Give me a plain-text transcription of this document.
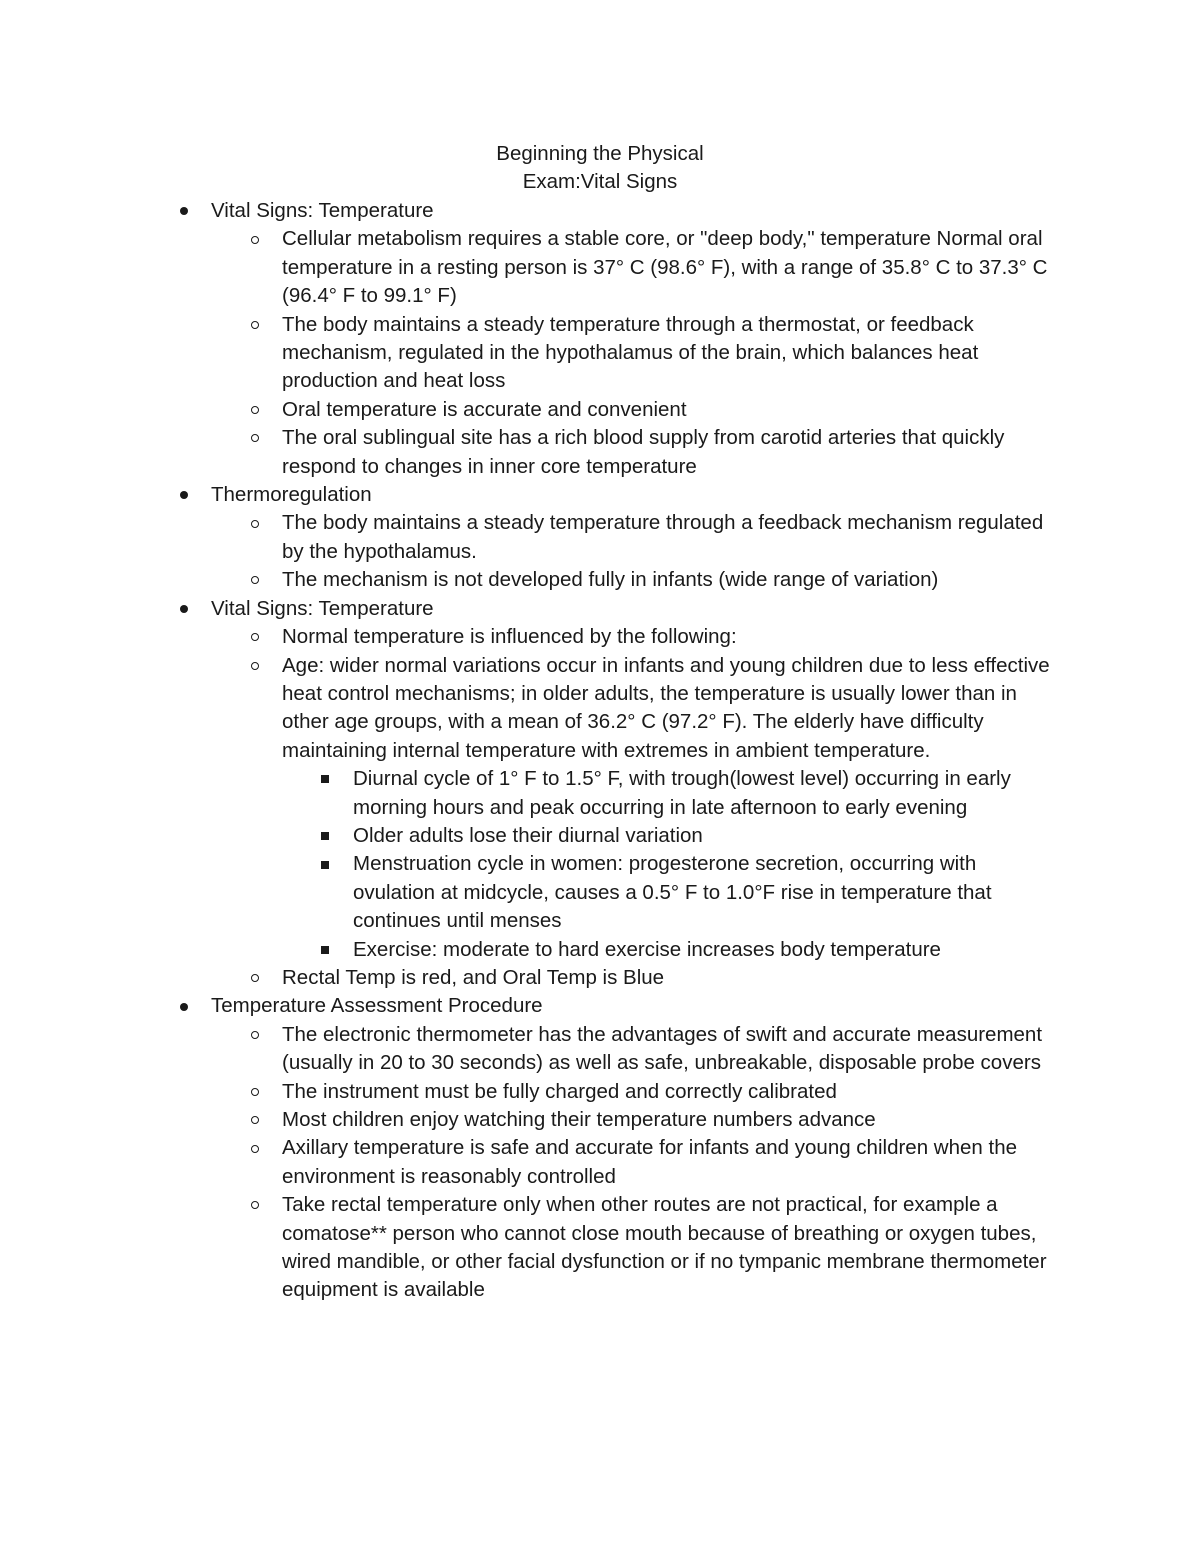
Beginning the Physical
Exam:Vital Signs
Vital Signs: Temperature
Cellular metabolism requires a stable core, or "deep body," temperature Normal oral temperature in a resting person is 37° C (98.6° F), with a range of 35.8° C to 37.3° C (96.4° F to 99.1° F)
The body maintains a steady temperature through a thermostat, or feedback mechanism, regulated in the hypothalamus of the brain, which balances heat production and heat loss
Oral temperature is accurate and convenient
The oral sublingual site has a rich blood supply from carotid arteries that quickly respond to changes in inner core temperature
Thermoregulation
The body maintains a steady temperature through a feedback mechanism regulated by the hypothalamus.
The mechanism is not developed fully in infants (wide range of variation)
Vital Signs: Temperature
Normal temperature is influenced by the following:
Age: wider normal variations occur in infants and young children due to less effective heat control mechanisms; in older adults, the temperature is usually lower than in other age groups, with a mean of 36.2° C (97.2° F). The elderly have difficulty maintaining internal temperature with extremes in ambient temperature.
Diurnal cycle of 1° F to 1.5° F, with trough(lowest level) occurring in early morning hours and peak occurring in late afternoon to early evening
Older adults lose their diurnal variation
Menstruation cycle in women: progesterone secretion, occurring with ovulation at midcycle, causes a 0.5° F to 1.0°F rise in temperature that continues until menses
Exercise: moderate to hard exercise increases body temperature
Rectal Temp is red, and Oral Temp is Blue
Temperature Assessment Procedure
The electronic thermometer has the advantages of swift and accurate measurement (usually in 20 to 30 seconds) as well as safe, unbreakable, disposable probe covers
The instrument must be fully charged and correctly calibrated
Most children enjoy watching their temperature numbers advance
Axillary temperature is safe and accurate for infants and young children when the environment is reasonably controlled
Take rectal temperature only when other routes are not practical, for example a comatose** person who cannot close mouth because of breathing or oxygen tubes, wired mandible, or other facial dysfunction or if no tympanic membrane thermometer equipment is available
